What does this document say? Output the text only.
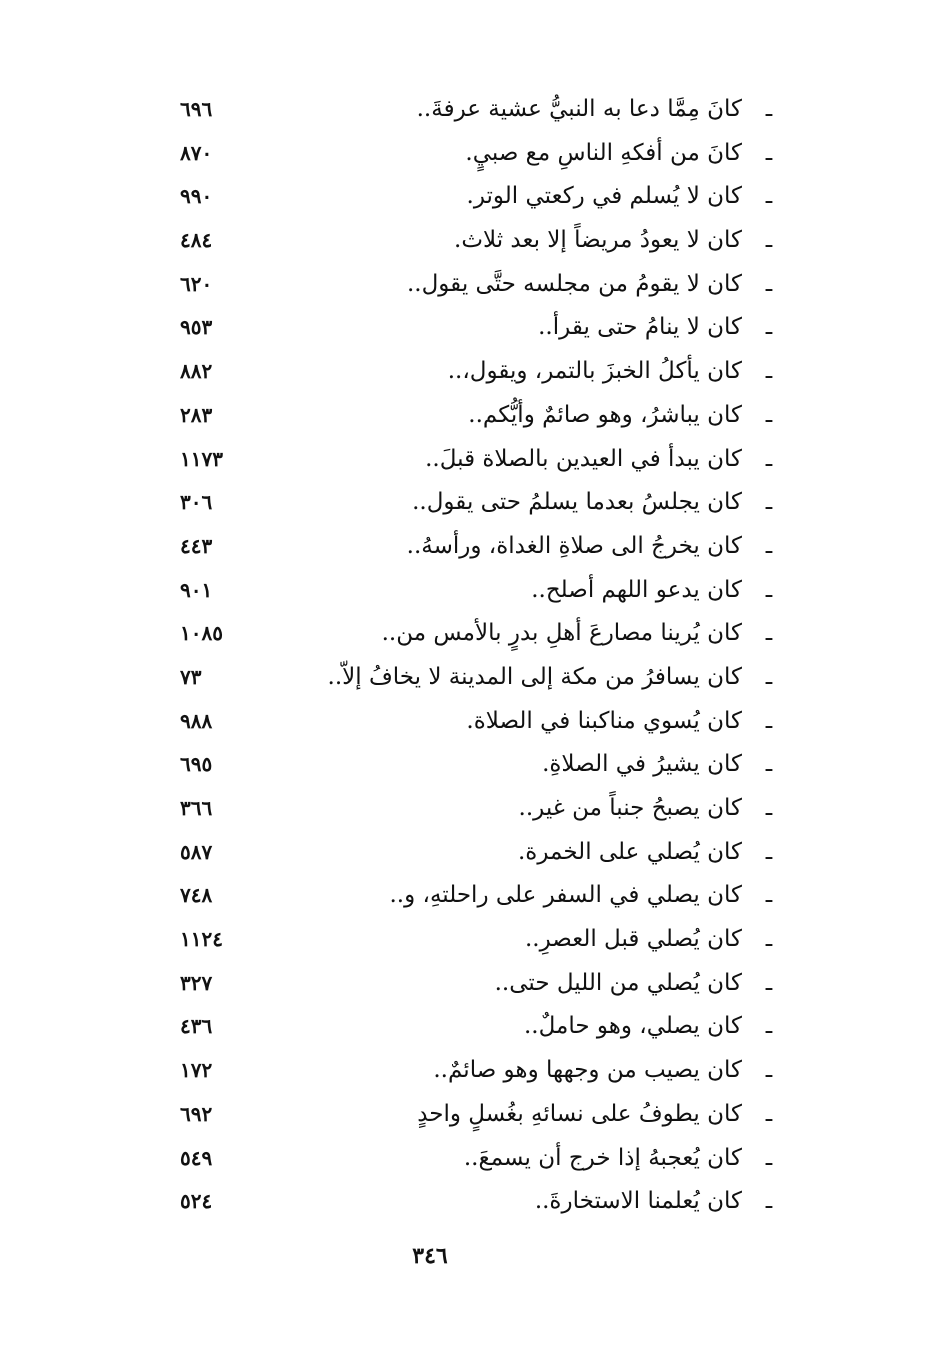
ـ
كانَ مِمَّا دعا به النبيُّ عشية عرفةَ..
٦٩٦
ـ
كانَ من أفكهِ الناسِ مع صبيٍ.
٨٧٠
ـ
كان لا يُسلم في ركعتي الوتر.
٩٩٠
ـ
كان لا يعودُ مريضاً إلا بعد ثلاث.
٤٨٤
ـ
كان لا يقومُ من مجلسه حتَّى يقول..
٦٢٠
ـ
كان لا ينامُ حتى يقرأ..
٩٥٣
ـ
كان يأكلُ الخبزَ بالتمر، ويقول،..
٨٨٢
ـ
كان يباشرُ، وهو صائمٌ وأيُّكم..
٢٨٣
ـ
كان يبدأ في العيدين بالصلاة قبلَ..
١١٧٣
ـ
كان يجلسُ بعدما يسلمُ حتى يقول..
٣٠٦
ـ
كان يخرجُ الى صلاةِ الغداة، ورأسهُ..
٤٤٣
ـ
كان يدعو اللهم أصلح..
٩٠١
ـ
كان يُرينا مصارعَ أهلِ بدرٍ بالأمس من..
١٠٨٥
ـ
كان يسافرُ من مكة إلى المدينة لا يخافُ إلاّ..
٧٣
ـ
كان يُسوي مناكبنا في الصلاة.
٩٨٨
ـ
كان يشيرُ في الصلاةِ.
٦٩٥
ـ
كان يصبحُ جنباً من غير..
٣٦٦
ـ
كان يُصلي على الخمرة.
٥٨٧
ـ
كان يصلي في السفر على راحلتهِ، و..
٧٤٨
ـ
كان يُصلي قبل العصرِ..
١١٢٤
ـ
كان يُصلي من الليل حتى..
٣٢٧
ـ
كان يصلي، وهو حاملٌ..
٤٣٦
ـ
كان يصيب من وجهها وهو صائمٌ..
١٧٢
ـ
كان يطوفُ على نسائهِ بغُسلٍ واحدٍ
٦٩٢
ـ
كان يُعجبهُ إذا خرج أن يسمعَ..
٥٤٩
ـ
كان يُعلمنا الاستخارةَ..
٥٢٤
٣٤٦
